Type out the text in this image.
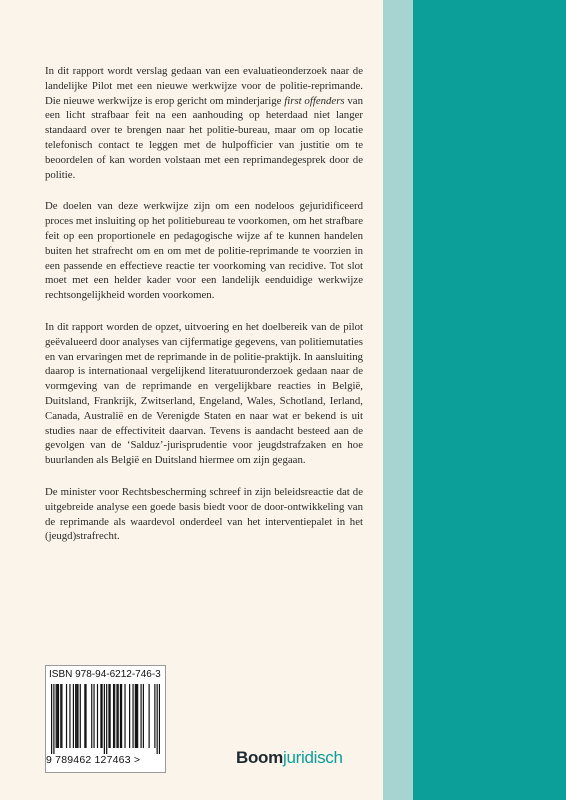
In dit rapport wordt verslag gedaan van een evaluatieonderzoek naar de landelijke Pilot met een nieuwe werkwijze voor de politie-reprimande. Die nieuwe werkwijze is erop gericht om minderjarige first offenders van een licht strafbaar feit na een aanhouding op heterdaad niet langer standaard over te brengen naar het politie-bureau, maar om op locatie telefonisch contact te leggen met de hulpofficier van justitie om te beoordelen of kan worden volstaan met een reprimandegesprek door de politie.

De doelen van deze werkwijze zijn om een nodeloos gejuridificeerd proces met insluiting op het politiebureau te voorkomen, om het strafbare feit op een proportionele en pedagogische wijze af te kunnen handelen buiten het strafrecht om en om met de politie-reprimande te voorzien in een passende en effectieve reactie ter voorkoming van recidive. Tot slot moet met een helder kader voor een landelijk eenduidige werkwijze rechtsongelijkheid worden voorkomen.

In dit rapport worden de opzet, uitvoering en het doelbereik van de pilot geëvalueerd door analyses van cijfermatige gegevens, van politiemutaties en van ervaringen met de reprimande in de politie-praktijk. In aansluiting daarop is internationaal vergelijkend literatuuronderzoek gedaan naar de vormgeving van de reprimande en vergelijkbare reacties in België, Duitsland, Frankrijk, Zwitserland, Engeland, Wales, Schotland, Ierland, Canada, Australië en de Verenigde Staten en naar wat er bekend is uit studies naar de effectiviteit daarvan. Tevens is aandacht besteed aan de gevolgen van de ‘Salduz’-jurisprudentie voor jeugdstrafzaken en hoe buurlanden als België en Duitsland hiermee om zijn gegaan.

De minister voor Rechtsbescherming schreef in zijn beleidsreactie dat de uitgebreide analyse een goede basis biedt voor de door-ontwikkeling van de reprimande als waardevol onderdeel van het interventiepalet in het (jeugd)strafrecht.

ISBN 978-94-6212-746-3
9 789462 127463 >	Boomjuridisch
